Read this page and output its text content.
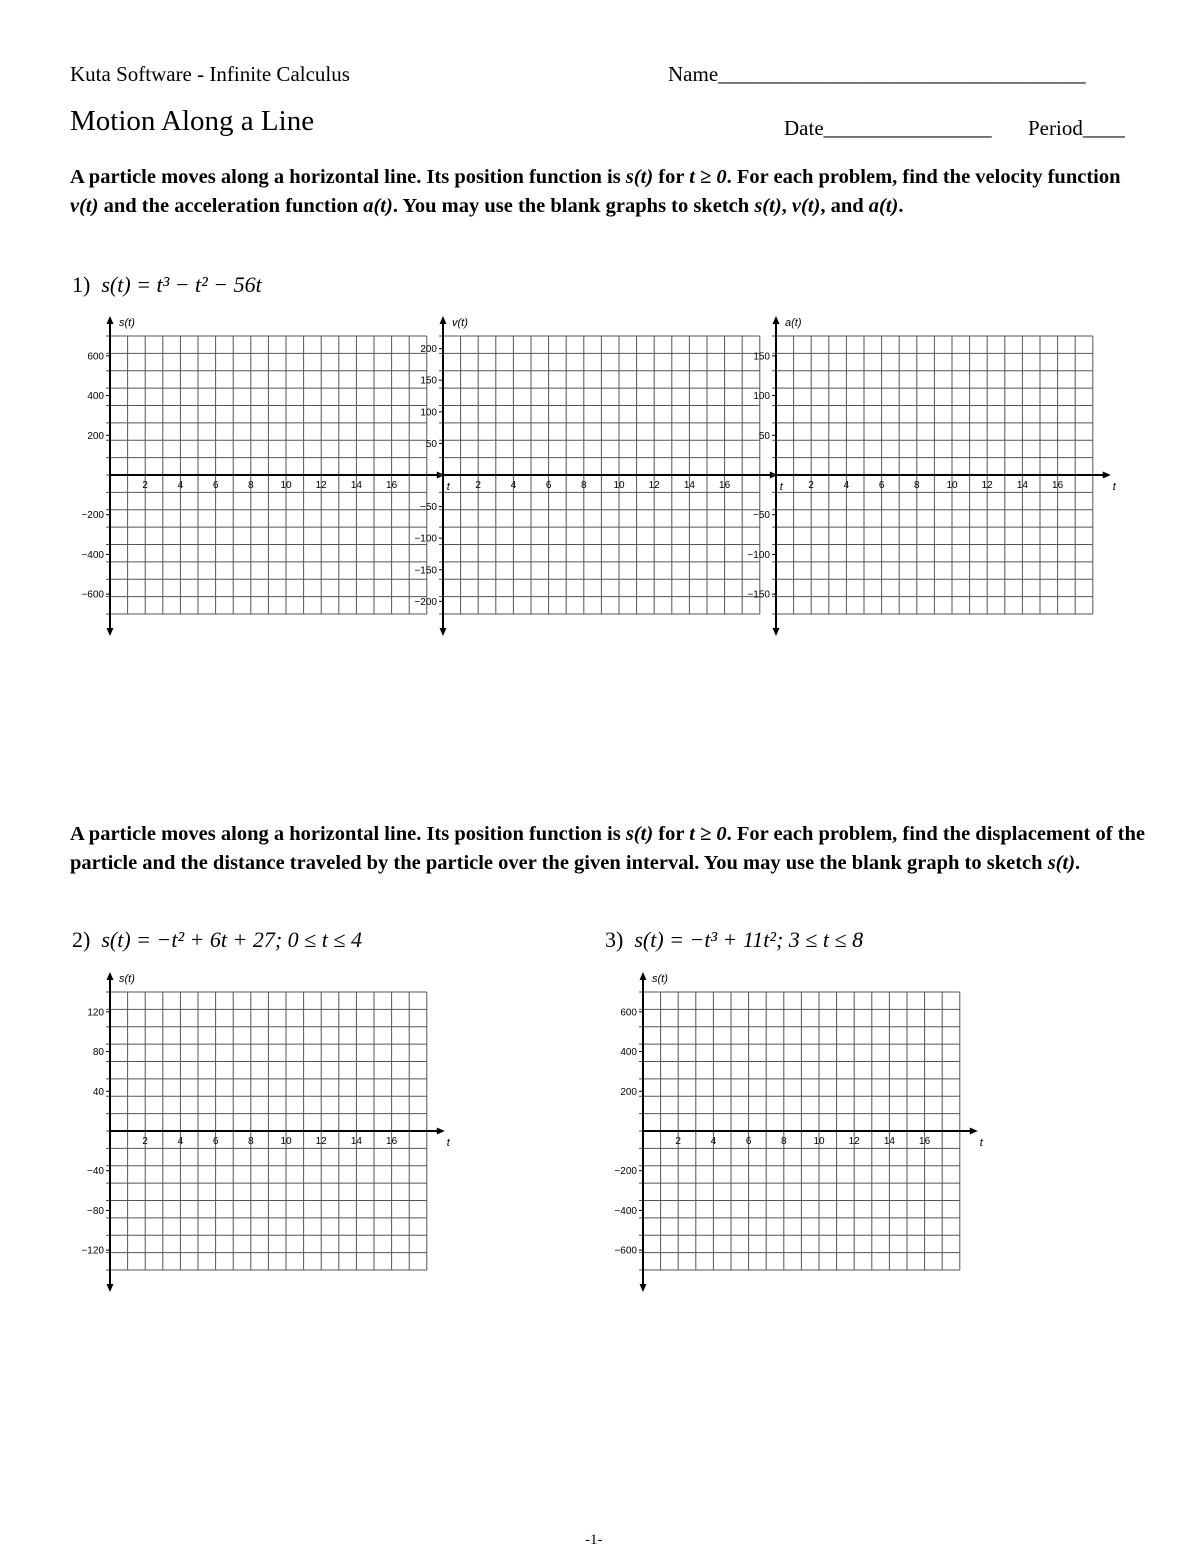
Kuta Software - Infinite Calculus	Name___________________________________
Motion Along a Line	Date________________ Period____
A particle moves along a horizontal line. Its position function is s(t) for t ≥ 0. For each problem, find the velocity function v(t) and the acceleration function a(t). You may use the blank graphs to sketch s(t), v(t), and a(t).
1) s(t) = t³ − t² − 56t
s(t)
t
2	4	6	8	10 12 14 16
600
400
200
−200
−400
−600
v(t)
t
2	4	6	8	10 12 14 16
200
150
100
50
−50
−100
−150
−200
a(t)
t
2	4	6	8	10 12 14 16
150
100
50
−50
−100
−150
A particle moves along a horizontal line. Its position function is s(t) for t ≥ 0. For each problem, find the displacement of the particle and the distance traveled by the particle over the given interval. You may use the blank graph to sketch s(t).
2) s(t) = −t² + 6t + 27; 0 ≤ t ≤ 4	3) s(t) = −t³ + 11t²; 3 ≤ t ≤ 8
s(t)
t
2	4	6	8	10 12 14 16
120
80
40
−40
−80
−120
s(t)
t
2	4	6	8	10 12 14 16
600
400
200
−200
−400
−600
-1-
